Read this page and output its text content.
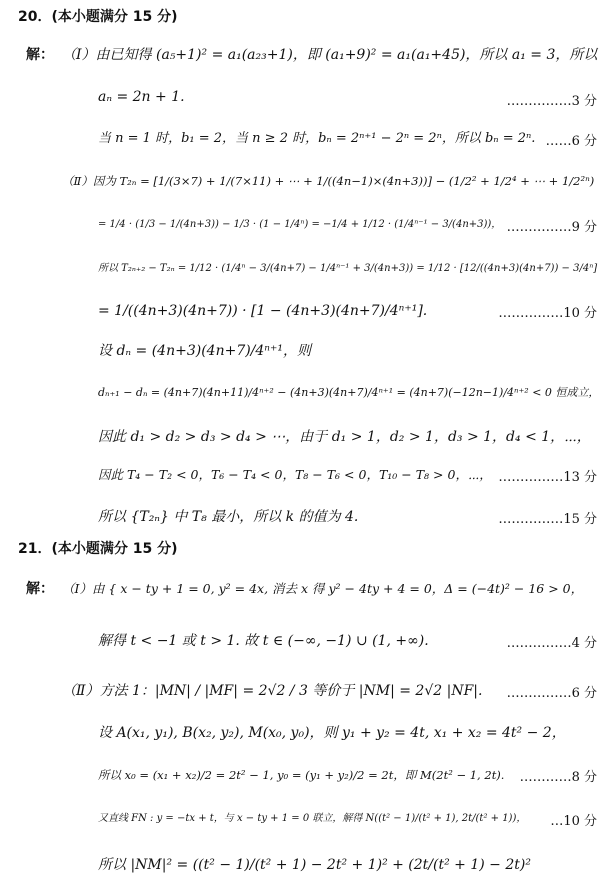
20．(本小题满分 15 分)
解： （Ⅰ）由已知得 (a₅+1)² = a₁(a₂₃+1)，即 (a₁+9)² = a₁(a₁+45)，所以 a₁ = 3，所以
aₙ = 2n + 1.	……………3 分
当 n = 1 时，b₁ = 2，当 n ≥ 2 时，bₙ = 2ⁿ⁺¹ − 2ⁿ = 2ⁿ，所以 bₙ = 2ⁿ. ……6 分
（Ⅱ）因为 T₂ₙ = [1/(3×7) + 1/(7×11) + ⋯ + 1/((4n−1)×(4n+3))] − (1/2² + 1/2⁴ + ⋯ + 1/2²ⁿ)
= 1/4 · (1/3 − 1/(4n+3)) − 1/3 · (1 − 1/4ⁿ) = −1/4 + 1/12 · (1/4ⁿ⁻¹ − 3/(4n+3))， ……………9 分
所以 T₂ₙ₊₂ − T₂ₙ = 1/12 · (1/4ⁿ − 3/(4n+7) − 1/4ⁿ⁻¹ + 3/(4n+3)) = 1/12 · [12/((4n+3)(4n+7)) − 3/4ⁿ]
= 1/((4n+3)(4n+7)) · [1 − (4n+3)(4n+7)/4ⁿ⁺¹].	……………10 分
设 dₙ = (4n+3)(4n+7)/4ⁿ⁺¹，则
dₙ₊₁ − dₙ = (4n+7)(4n+11)/4ⁿ⁺² − (4n+3)(4n+7)/4ⁿ⁺¹ = (4n+7)(−12n−1)/4ⁿ⁺² < 0 恒成立，
因此 d₁ > d₂ > d₃ > d₄ > ⋯，由于 d₁ > 1，d₂ > 1，d₃ > 1，d₄ < 1，⋯，
因此 T₄ − T₂ < 0，T₆ − T₄ < 0，T₈ − T₆ < 0，T₁₀ − T₈ > 0，⋯， ……………13 分
所以 {T₂ₙ} 中 T₈ 最小，所以 k 的值为 4.	……………15 分
21．(本小题满分 15 分)
解： （Ⅰ）由 { x − ty + 1 = 0, y² = 4x, 消去 x 得 y² − 4ty + 4 = 0，Δ = (−4t)² − 16 > 0，
解得 t < −1 或 t > 1. 故 t ∈ (−∞, −1) ∪ (1, +∞).	……………4 分
（Ⅱ）方法 1：|MN| / |MF| = 2√2 / 3 等价于 |NM| = 2√2 |NF|. ……………6 分
设 A(x₁, y₁), B(x₂, y₂), M(x₀, y₀)，则 y₁ + y₂ = 4t, x₁ + x₂ = 4t² − 2，
所以 x₀ = (x₁ + x₂)/2 = 2t² − 1, y₀ = (y₁ + y₂)/2 = 2t，即 M(2t² − 1, 2t). …………8 分
又直线 FN : y = −tx + t，与 x − ty + 1 = 0 联立，解得 N((t² − 1)/(t² + 1), 2t/(t² + 1))， …10 分
所以 |NM|² = ((t² − 1)/(t² + 1) − 2t² + 1)² + (2t/(t² + 1) − 2t)²
